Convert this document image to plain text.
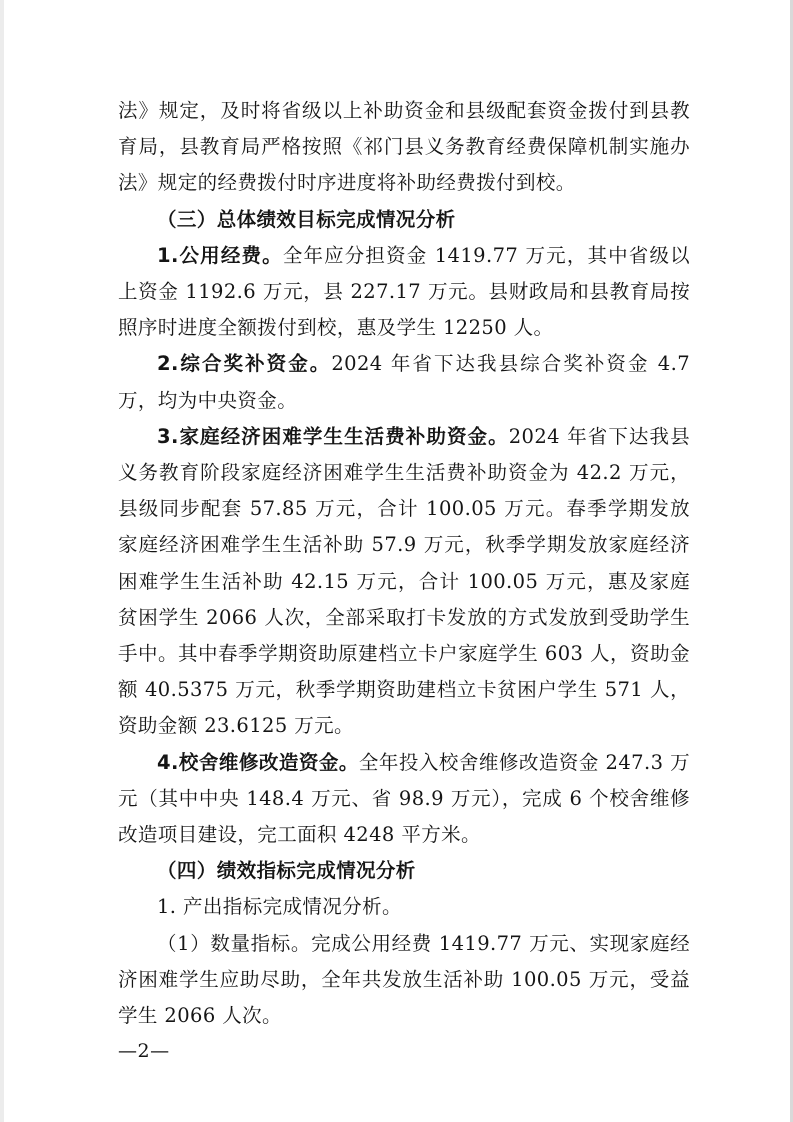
法》规定，及时将省级以上补助资金和县级配套资金拨付到县教育局，县教育局严格按照《祁门县义务教育经费保障机制实施办法》规定的经费拨付时序进度将补助经费拨付到校。

（三）总体绩效目标完成情况分析

1.公用经费。全年应分担资金 1419.77 万元，其中省级以上资金 1192.6 万元，县 227.17 万元。县财政局和县教育局按照序时进度全额拨付到校，惠及学生 12250 人。

2.综合奖补资金。2024 年省下达我县综合奖补资金 4.7 万，均为中央资金。

3.家庭经济困难学生生活费补助资金。2024 年省下达我县义务教育阶段家庭经济困难学生生活费补助资金为 42.2 万元，县级同步配套 57.85 万元，合计 100.05 万元。春季学期发放家庭经济困难学生生活补助 57.9 万元，秋季学期发放家庭经济困难学生生活补助 42.15 万元，合计 100.05 万元，惠及家庭贫困学生 2066 人次，全部采取打卡发放的方式发放到受助学生手中。其中春季学期资助原建档立卡户家庭学生 603 人，资助金额 40.5375 万元，秋季学期资助建档立卡贫困户学生 571 人，资助金额 23.6125 万元。

4.校舍维修改造资金。全年投入校舍维修改造资金 247.3 万元（其中中央 148.4 万元、省 98.9 万元），完成 6 个校舍维修改造项目建设，完工面积 4248 平方米。

（四）绩效指标完成情况分析

1. 产出指标完成情况分析。

（1）数量指标。完成公用经费 1419.77 万元、实现家庭经济困难学生应助尽助，全年共发放生活补助 100.05 万元，受益学生 2066 人次。

—2—
